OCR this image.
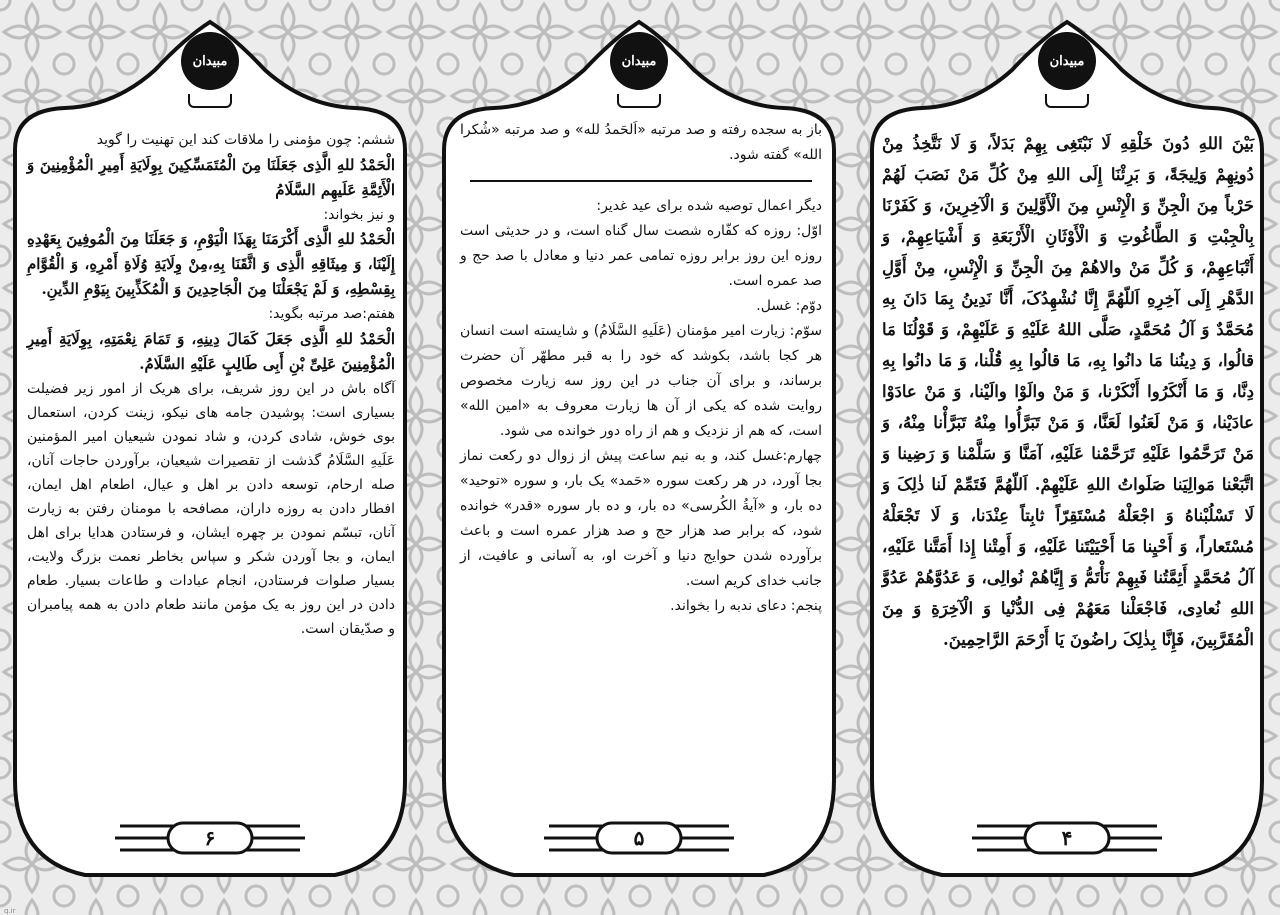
مبیدان

ششم: چون مؤمنی را ملاقات کند این تهنیت را گوید

الْحَمْدُ للهِ الَّذِی جَعَلَنَا مِنَ الْمُتَمَسِّکِینَ بِوِلَایَةِ أَمِیرِ الْمُؤْمِنِینَ وَ الْأَئِمَّةِ عَلَیهِم السَّلَامُ

و نیز بخواند:

الْحَمْدُ للهِ الَّذِی أَکْرَمَنَا بِهَذَا الْیَوْمِ، وَ جَعَلَنَا مِنَ الْمُوفِینَ بِعَهْدِهِ إِلَیْنَا، وَ مِیثَاقِهِ الَّذِی وَ اثَّقَنَا بِهِ،مِنْ وِلَایَةِ وُلَاةِ أَمْرِهِ، وَ الْقُوَّامِ بِقِسْطِهِ، وَ لَمْ یَجْعَلْنَا مِنَ الْجَاحِدِینَ وَ الْمُکَذِّبِینَ بِیَوْمِ الدِّینِ.

هفتم:صد مرتبه بگوید:

الْحَمْدُ للهِ الَّذِی جَعَلَ کَمَالَ دِینِهِ، وَ تَمَامَ نِعْمَتِهِ، بِوِلَایَةِ أَمِیرِ الْمُؤْمِنِینَ عَلِیِّ بْنِ أَبِی طَالِبٍ عَلَیْهِ السَّلَامُ.

آگاه باش در این روز شریف، برای هریک از امور زیر فضیلت بسیاری است: پوشیدن جامه های نیکو، زینت کردن، استعمال بوی خوش، شادی کردن، و شاد نمودن شیعیان امیر المؤمنین عَلَیهِ السَّلَامُ گذشت از تقصیرات شیعیان، برآوردن حاجات آنان، صله ارحام، توسعه دادن بر اهل و عیال، اطعام اهل ایمان، افطار دادن به روزه داران، مصافحه با مومنان رفتن به زیارت آنان، تبسّم نمودن بر چهره ایشان، و فرستادن هدایا برای اهل ایمان، و بجا آوردن شکر و سپاس بخاطر نعمت بزرگ ولایت، بسیار صلوات فرستادن، انجام عبادات و طاعات بسیار. طعام دادن در این روز به یک مؤمن مانند طعام دادن به همه پیامبران و صدّیقان است.

۶
مبیدان

باز به سجده رفته و صد مرتبه «اَلحَمدُ لله» و صد مرتبه «شُکرا الله» گفته شود.

دیگر اعمال توصیه شده برای عید غدیر:

اوّل: روزه که کفّاره شصت سال گناه است، و در حدیثی است روزه این روز برابر روزه تمامی عمر دنیا و معادل با صد حج و صد عمره است.

دوّم: غسل.

سوّم: زیارت امیر مؤمنان (عَلَیهِ السَّلَامُ) و شایسته است انسان هر کجا باشد، بکوشد که خود را به قبر مطهّر آن حضرت برساند، و برای آن جناب در این روز سه زیارت مخصوص روایت شده که یکی از آن ها زیارت معروف به «امین الله» است، که هم از نزدیک و هم از راه دور خوانده می شود.

چهارم:غسل کند، و به نیم ساعت پیش از زوال دو رکعت نماز بجا آورد، در هر رکعت سوره «حَمد» یک بار، و سوره «توحید» ده بار، و «آیةُ الکُرسی» ده بار، و ده بار سوره «قدر» خوانده شود، که برابر صد هزار حج و صد هزار عمره است و باعث برآورده شدن حوایج دنیا و آخرت او، به آسانی و عافیت، از جانب خدای کریم است.

پنجم: دعای ندبه را بخواند.

۵
مبیدان

بَیْنَ اللهِ دُونَ خَلْقِهِ لَا نَبْتَغِی بِهِمْ بَدَلاً، وَ لَا نَتَّخِذُ مِنْ دُونِهِمْ وَلِیجَةً، وَ بَرِئْنَا إِلَی اللهِ مِنْ کُلِّ مَنْ نَصَبَ لَهُمْ حَرْباً مِنَ الْجِنِّ وَ الْإِنْسِ مِنَ الْأَوَّلِینَ وَ الْآخِرِینَ، وَ کَفَرْنَا بِالْجِبْتِ وَ الطَّاغُوتِ وَ الْأَوْثَانِ الْأَرْبَعَةِ وَ أَشْیَاعِهِمْ، وَ أَتْبَاعِهِمْ، وَ کُلِّ مَنْ والاهُمْ مِنَ الْجِنِّ وَ الْإِنْسِ، مِنْ أَوَّلِ الدَّهْرِ إِلَی آخِرِهِ اَللّهُمَّ إِنَّا نُشْهِدُکَ، أَنَّا نَدِینُ بِمَا دَانَ بِهِ مُحَمَّدٌ وَ آلُ مُحَمَّدٍ، صَلَّی اللهُ عَلَیْهِ وَ عَلَیْهِمْ، وَ قَوْلُنَا مَا قالُوا، وَ دِینُنا مَا دانُوا بِهِ، مَا قالُوا بِهِ قُلْنا، وَ مَا دانُوا بِهِ دِنَّا، وَ مَا أَنْکَرُوا أَنْکَرْنا، وَ مَنْ والَوْا والَیْنا، وَ مَنْ عادَوْا عادَیْنا، وَ مَنْ لَعَنُوا لَعَنَّا، وَ مَنْ تَبَرَّأُوا مِنْهُ تَبَرَّأْنا مِنْهُ، وَ مَنْ تَرَحَّمُوا عَلَیْهِ تَرَحَّمْنا عَلَیْهِ، آمَنَّا وَ سَلَّمْنا وَ رَضِینا وَ اتَّبَعْنا مَوالِیَنا صَلَواتُ اللهِ عَلَیْهِمْ. اَللّهُمَّ فَتَمِّمْ لَنا ذٰلِکَ وَ لَا تَسْلُبْناهُ وَ اجْعَلْهُ مُسْتَقِرّاً ثابِتاً عِنْدَنا، وَ لَا تَجْعَلْهُ مُسْتَعاراً، وَ أَحْیِنا مَا أَحْیَیْتَنا عَلَیْهِ، وَ أَمِتْنا إِذا أَمَتَّنا عَلَیْهِ، آلُ مُحَمَّدٍ أَئِمَّتُنا فَبِهِمْ نَأْتَمُّ وَ إِیَّاهُمْ نُوالِی، وَ عَدُوَّهُمْ عَدُوَّ اللهِ نُعادِی، فَاجْعَلْنا مَعَهُمْ فِی الدُّنْیا وَ الْآخِرَةِ وَ مِنَ الْمُقَرَّبِینَ، فَإِنَّا بِذٰلِکَ راضُونَ یَا أَرْحَمَ الرَّاحِمِینَ.

۴
q.ir
